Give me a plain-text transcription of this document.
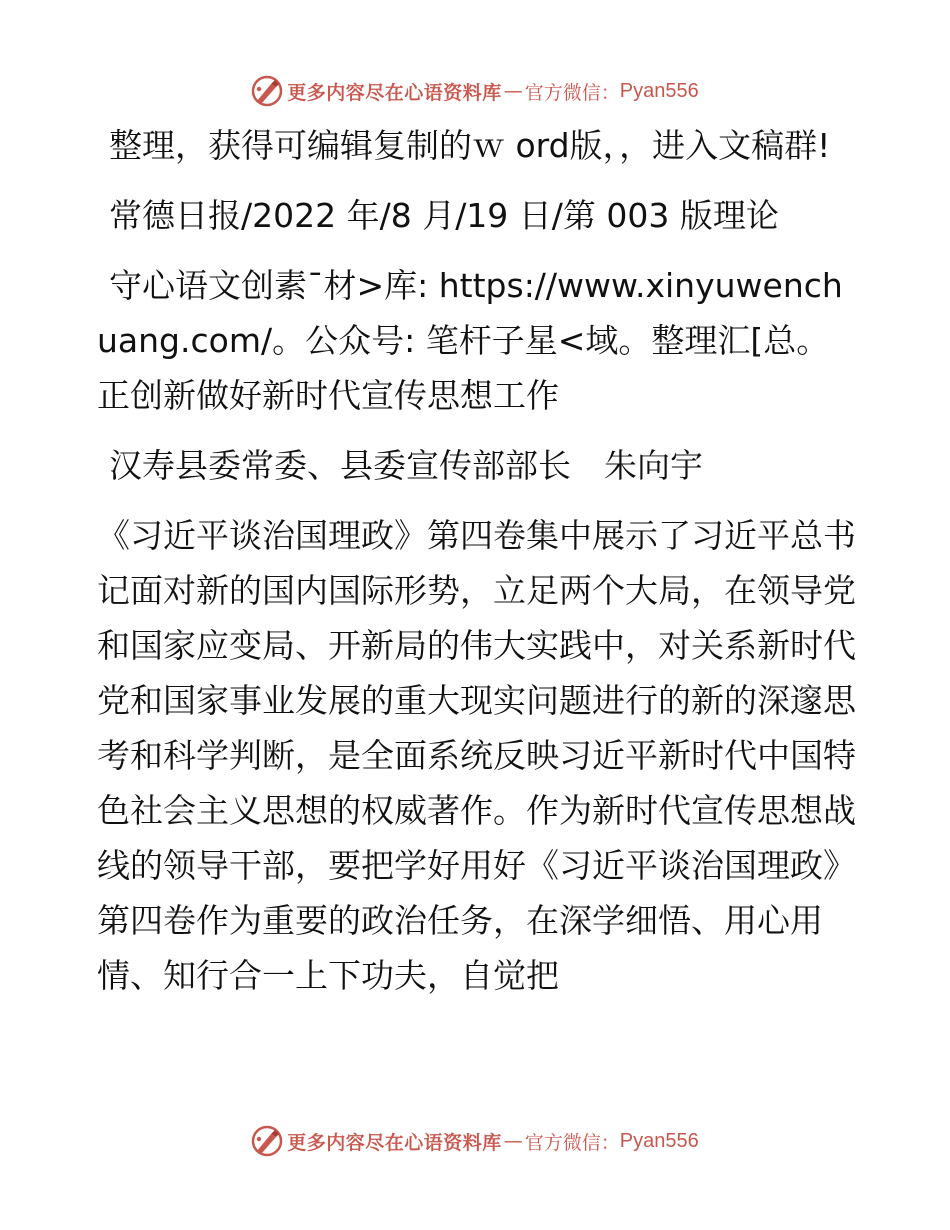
更多内容尽在心语资料库 — 官方微信： Pyan556

整理，获得可编辑复制的ｗ ord版，，进入文稿群!

常德日报/2022 年/8 月/19 日/第 003 版理论

守心语文创素¯材>库: https://www.xinyuwenchuang.com/。公众号: 笔杆子星<域。整理汇[总。正创新做好新时代宣传思想工作

汉寿县委常委、县委宣传部部长　朱向宇

《习近平谈治国理政》第四卷集中展示了习近平总书记面对新的国内国际形势，立足两个大局，在领导党和国家应变局、开新局的伟大实践中，对关系新时代党和国家事业发展的重大现实问题进行的新的深邃思考和科学判断，是全面系统反映习近平新时代中国特色社会主义思想的权威著作。作为新时代宣传思想战线的领导干部，要把学好用好《习近平谈治国理政》第四卷作为重要的政治任务，在深学细悟、用心用情、知行合一上下功夫，自觉把

更多内容尽在心语资料库 — 官方微信： Pyan556
